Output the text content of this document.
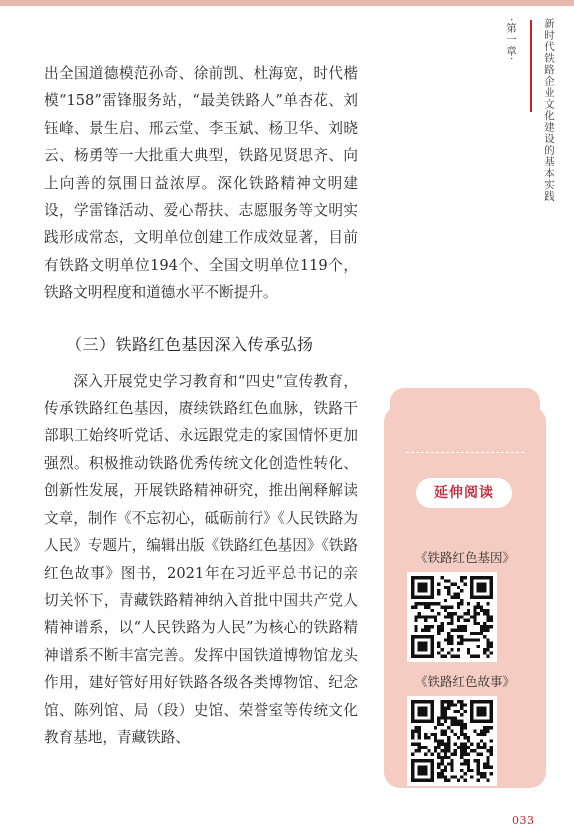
·第一章· 新时代铁路企业文化建设的基本实践

出全国道德模范孙奇、徐前凯、杜海宽，时代楷模“158”雷锋服务站，“最美铁路人”单杏花、刘钰峰、景生启、邢云堂、李玉斌、杨卫华、刘晓云、杨勇等一大批重大典型，铁路见贤思齐、向上向善的氛围日益浓厚。深化铁路精神文明建设，学雷锋活动、爱心帮扶、志愿服务等文明实践形成常态，文明单位创建工作成效显著，目前有铁路文明单位194个、全国文明单位119个，铁路文明程度和道德水平不断提升。

（三）铁路红色基因深入传承弘扬

深入开展党史学习教育和“四史”宣传教育，传承铁路红色基因，赓续铁路红色血脉，铁路干部职工始终听党话、永远跟党走的家国情怀更加强烈。积极推动铁路优秀传统文化创造性转化、创新性发展，开展铁路精神研究，推出阐释解读文章，制作《不忘初心，砥砺前行》《人民铁路为人民》专题片，编辑出版《铁路红色基因》《铁路红色故事》图书，2021年在习近平总书记的亲切关怀下，青藏铁路精神纳入首批中国共产党人精神谱系，以“人民铁路为人民”为核心的铁路精神谱系不断丰富完善。发挥中国铁道博物馆龙头作用，建好管好用好铁路各级各类博物馆、纪念馆、陈列馆、局（段）史馆、荣誉室等传统文化教育基地，青藏铁路、

延伸阅读
《铁路红色基因》
《铁路红色故事》
033
